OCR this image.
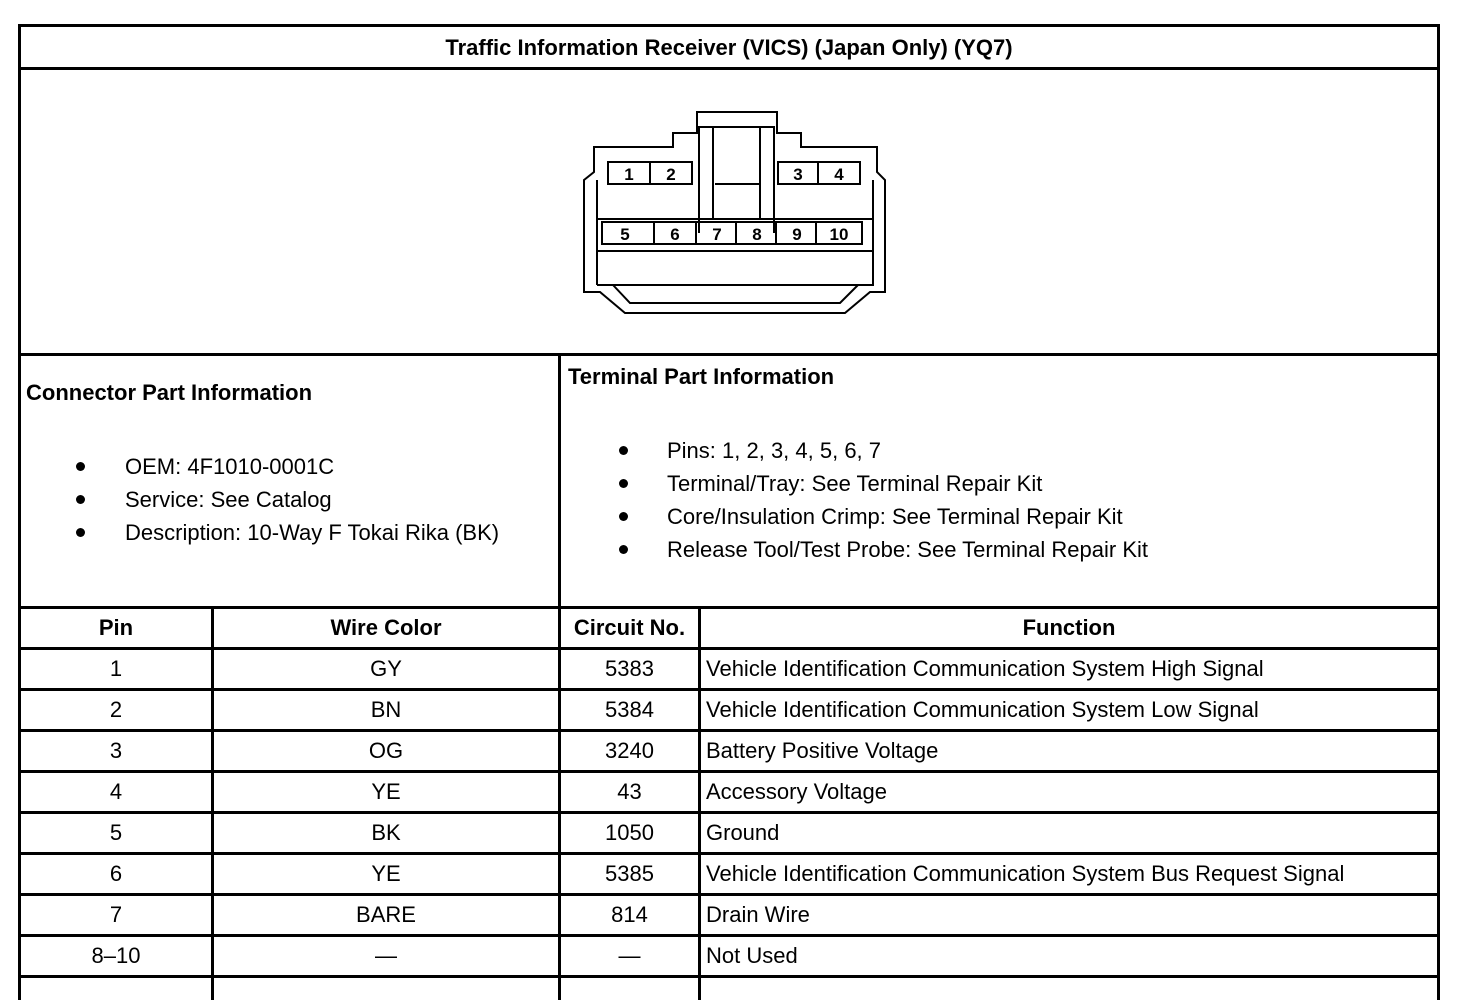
Traffic Information Receiver (VICS) (Japan Only) (YQ7)
1 2	3 4
5 6 7 8 9 10
Connector Part Information
OEM: 4F1010-0001C
Service: See Catalog
Description: 10-Way F Tokai Rika (BK)
Terminal Part Information
Pins: 1, 2, 3, 4, 5, 6, 7
Terminal/Tray: See Terminal Repair Kit
Core/Insulation Crimp: See Terminal Repair Kit
Release Tool/Test Probe: See Terminal Repair Kit
Pin	Wire Color	Circuit No.	Function
1	GY	5383	Vehicle Identification Communication System High Signal
2	BN	5384	Vehicle Identification Communication System Low Signal
3	OG	3240	Battery Positive Voltage
4	YE	43	Accessory Voltage
5	BK	1050	Ground
6	YE	5385	Vehicle Identification Communication System Bus Request Signal
7	BARE	814	Drain Wire
8–10	—	—	Not Used
